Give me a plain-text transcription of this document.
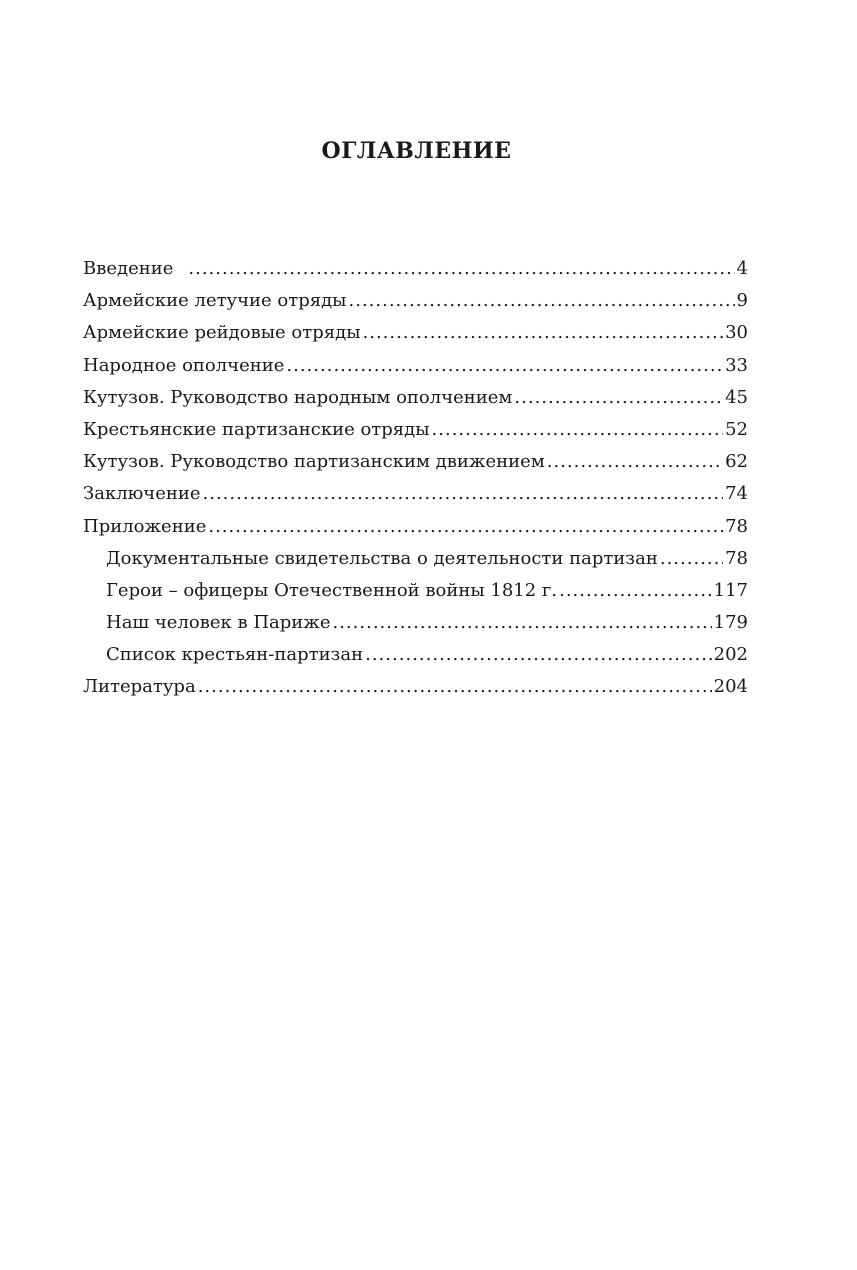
ОГЛАВЛЕНИЕ
Введение .....	4
Армейские летучие отряды .....	9
Армейские рейдовые отряды .....	30
Народное ополчение .....	33
Кутузов. Руководство народным ополчением .....	45
Крестьянские партизанские отряды .....	52
Кутузов. Руководство партизанским движением .....	62
Заключение .....	74
Приложение .....	78
Документальные свидетельства о деятельности партизан .....	78
Герои – офицеры Отечественной войны 1812 г. .....	117
Наш человек в Париже .....	179
Список крестьян-партизан .....	202
Литература .....	204
